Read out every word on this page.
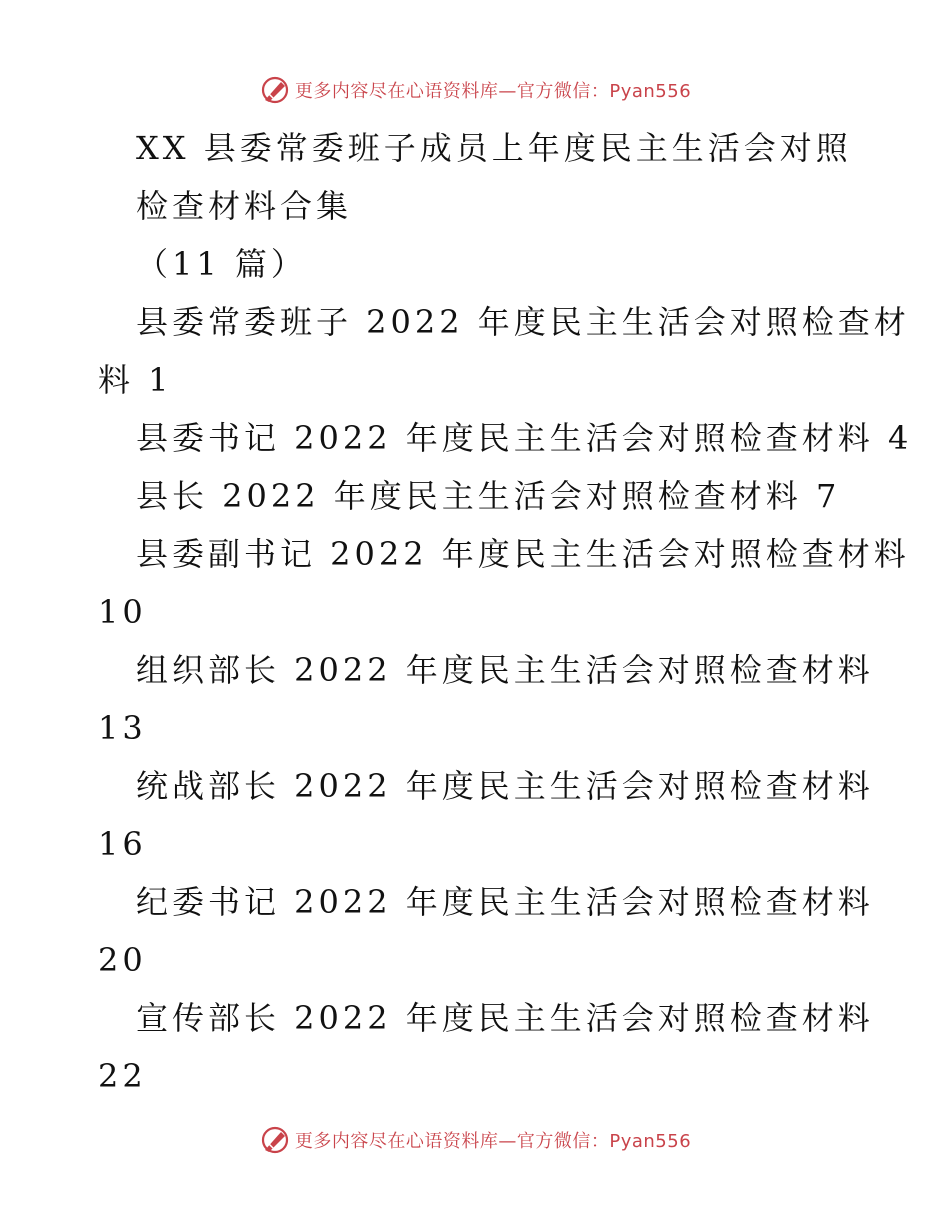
更多内容尽在心语资料库—官方微信：Pyan556
XX 县委常委班子成员上年度民主生活会对照
检查材料合集
（11 篇）
县委常委班子 2022 年度民主生活会对照检查材
料 1
县委书记 2022 年度民主生活会对照检查材料 4
县长 2022 年度民主生活会对照检查材料 7
县委副书记 2022 年度民主生活会对照检查材料
10
组织部长 2022 年度民主生活会对照检查材料
13
统战部长 2022 年度民主生活会对照检查材料
16
纪委书记 2022 年度民主生活会对照检查材料
20
宣传部长 2022 年度民主生活会对照检查材料
22
更多内容尽在心语资料库—官方微信：Pyan556
